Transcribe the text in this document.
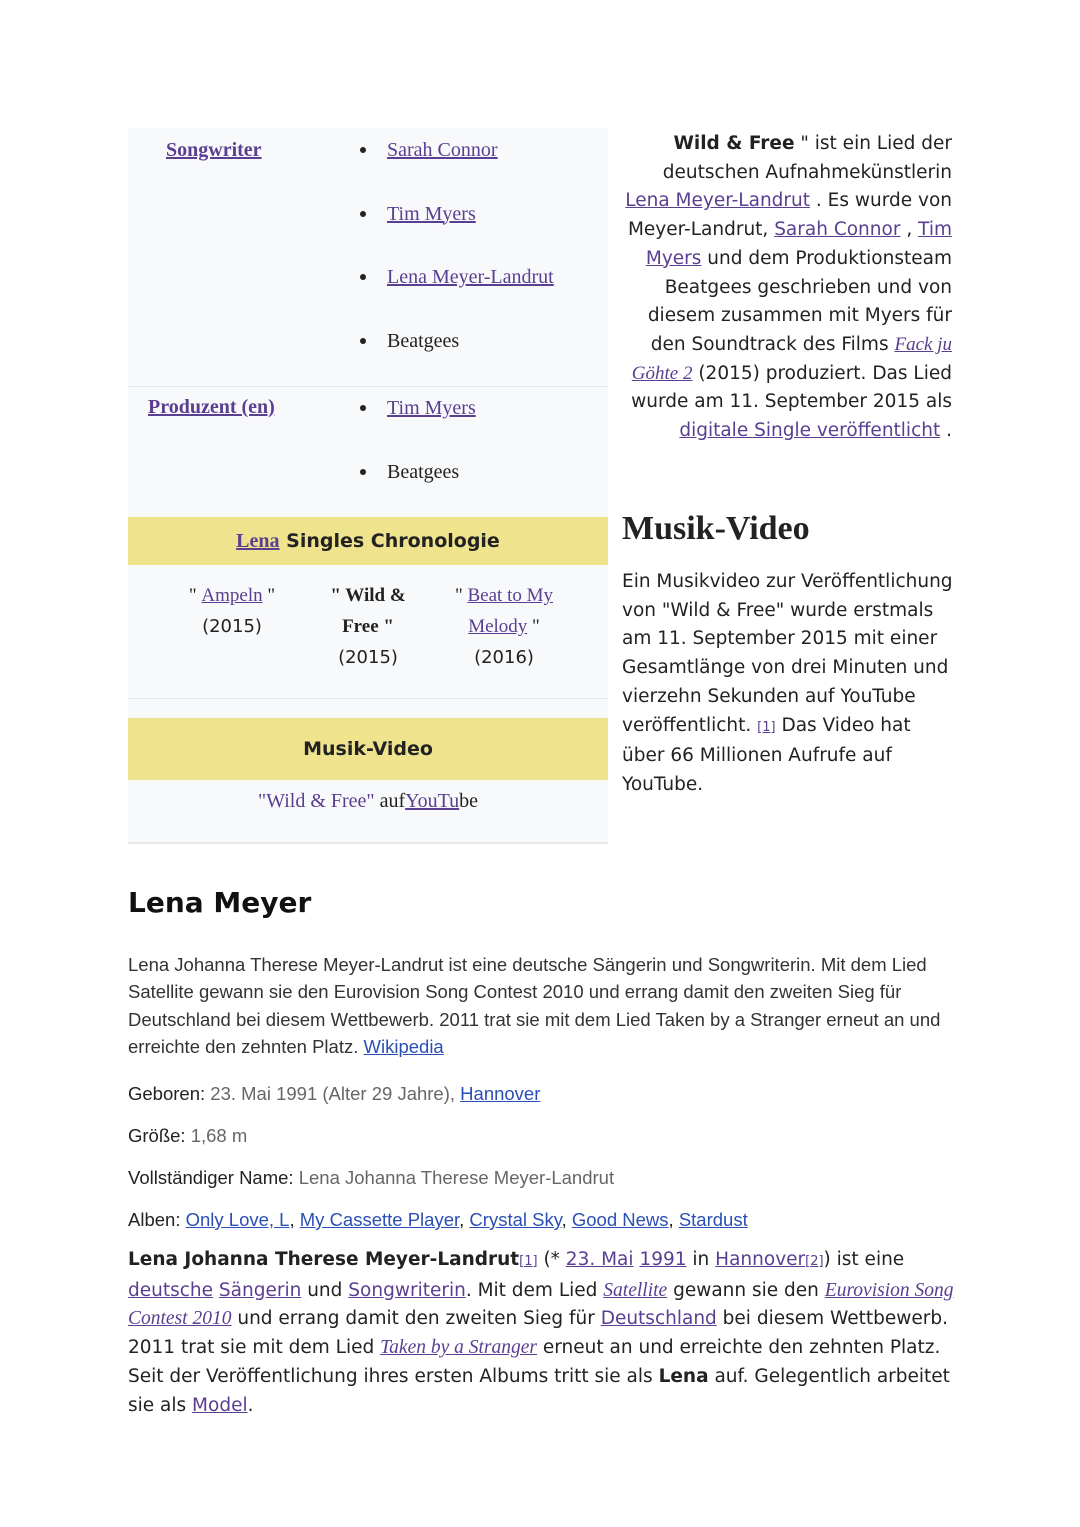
Songwriter	Sarah Connor
Tim Myers
Lena Meyer-Landrut
Beatgees
Produzent (en)	Tim Myers
Beatgees
Lena Singles Chronologie
" Ampeln "
(2015)
" Wild &
Free "
(2015)
" Beat to My
Melody "
(2016)
Musik-Video
"Wild & Free" aufYouTube
Wild & Free " ist ein Lied der deutschen Aufnahmekünstlerin Lena Meyer-Landrut . Es wurde von Meyer-Landrut, Sarah Connor , Tim Myers und dem Produktionsteam Beatgees geschrieben und von diesem zusammen mit Myers für den Soundtrack des Films Fack ju Göhte 2 (2015) produziert. Das Lied wurde am 11. September 2015 als digitale Single veröffentlicht .
Musik-Video
Ein Musikvideo zur Veröffentlichung von "Wild & Free" wurde erstmals am 11. September 2015 mit einer Gesamtlänge von drei Minuten und vierzehn Sekunden auf YouTube veröffentlicht. [1] Das Video hat über 66 Millionen Aufrufe auf YouTube.
Lena Meyer
Lena Johanna Therese Meyer-Landrut ist eine deutsche Sängerin und Songwriterin. Mit dem Lied Satellite gewann sie den Eurovision Song Contest 2010 und errang damit den zweiten Sieg für Deutschland bei diesem Wettbewerb. 2011 trat sie mit dem Lied Taken by a Stranger erneut an und erreichte den zehnten Platz. Wikipedia
Geboren: 23. Mai 1991 (Alter 29 Jahre), Hannover
Größe: 1,68 m
Vollständiger Name: Lena Johanna Therese Meyer-Landrut
Alben: Only Love, L, My Cassette Player, Crystal Sky, Good News, Stardust
Lena Johanna Therese Meyer-Landrut[1] (* 23. Mai 1991 in Hannover[2]) ist eine deutsche Sängerin und Songwriterin. Mit dem Lied Satellite gewann sie den Eurovision Song Contest 2010 und errang damit den zweiten Sieg für Deutschland bei diesem Wettbewerb. 2011 trat sie mit dem Lied Taken by a Stranger erneut an und erreichte den zehnten Platz. Seit der Veröffentlichung ihres ersten Albums tritt sie als Lena auf. Gelegentlich arbeitet sie als Model.
